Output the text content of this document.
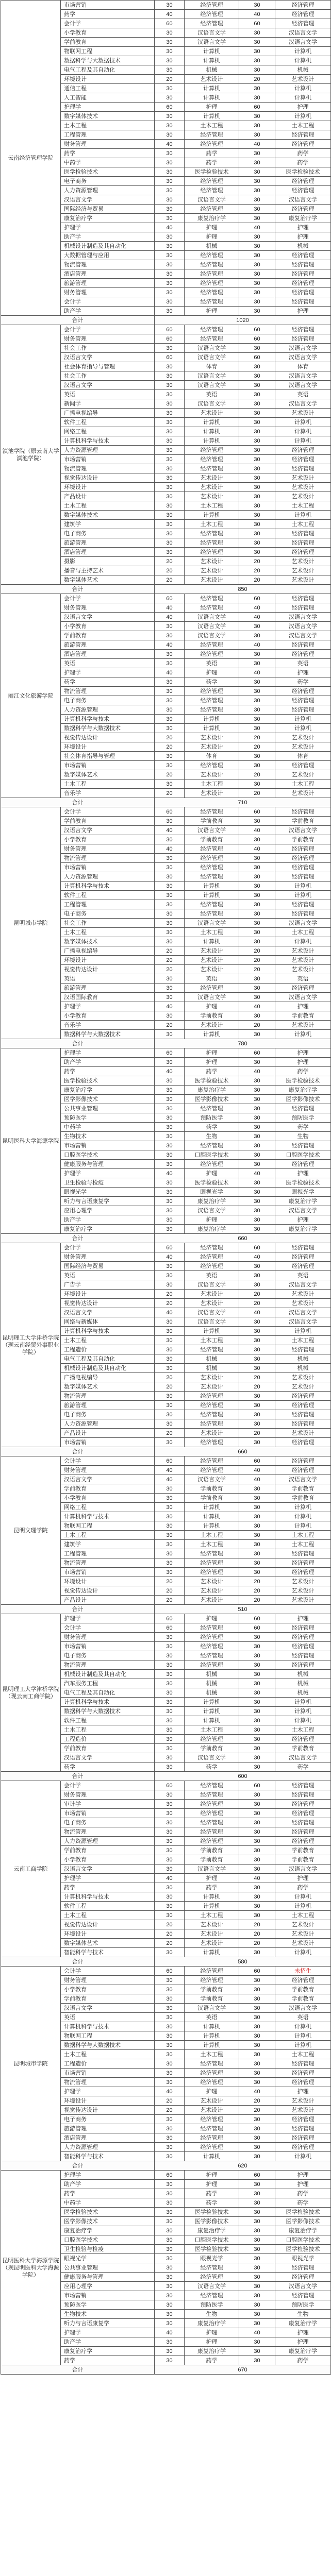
云南经济管理学院	市场营销	30	经济管理	30	经济管理
	药学	40	经济管理	40	经济管理
	会计学	60	经济管理	60	经济管理
	小学教育	30	汉语言文学	30	汉语言文学
	学前教育	30	汉语言文学	30	汉语言文学
	物联网工程	30	计算机	30	计算机
	数据科学与大数据技术	30	计算机	30	计算机
	电气工程及其自动化	30	机械	30	机械
	环境设计	20	艺术设计	20	艺术设计
	通信工程	30	计算机	30	计算机
	人工智能	30	计算机	30	计算机
	护理学	60	护理	60	护理
	数字媒体技术	30	计算机	30	计算机
	土木工程	30	土木工程	30	土木工程
	工程管理	30	经济管理	30	经济管理
	财务管理	40	经济管理	40	经济管理
	药学	30	药学	30	药学
	中药学	30	药学	30	药学
	医学检验技术	30	医学检验技术	30	医学检验技术
	电子商务	30	经济管理	30	经济管理
	人力资源管理	30	经济管理	30	经济管理
	汉语言文学	30	汉语言文学	30	汉语言文学
	国际经济与贸易	30	经济管理	30	经济管理
	康复治疗学	30	康复治疗学	30	康复治疗学
	护理学	40	护理	40	护理
	助产学	30	护理	30	护理
	机械设计制造及其自动化	30	机械	30	机械
	大数据管理与应用	30	经济管理	30	经济管理
	物流管理	30	经济管理	30	经济管理
	酒店管理	30	经济管理	30	经济管理
	旅游管理	30	经济管理	30	经济管理
	财务管理	30	经济管理	30	经济管理
	会计学	30	经济管理	30	经济管理
	助产学	30	护理	30	护理
合计		1020			
滇池学院（原云南大学滇池学院）	会计学	60	经济管理	60	经济管理
	财务管理	60	经济管理	60	经济管理
	社会工作	30	汉语言文学	30	汉语言文学
	汉语言文学	60	汉语言文学	60	汉语言文学
	社会体育指导与管理	30	体育	30	体育
	社会工作	30	汉语言文学	30	汉语言文学
	汉语言文学	30	汉语言文学	30	汉语言文学
	英语	30	英语	30	英语
	新闻学	30	汉语言文学	30	汉语言文学
	广播电视编导	30	艺术设计	30	艺术设计
	软件工程	30	计算机	30	计算机
	网络工程	30	计算机	30	计算机
	计算机科学与技术	30	计算机	30	计算机
	人力资源管理	30	经济管理	30	经济管理
	市场营销	30	经济管理	30	经济管理
	物流管理	30	经济管理	30	经济管理
	视觉传达设计	30	艺术设计	30	艺术设计
	环境设计	30	艺术设计	30	艺术设计
	产品设计	30	艺术设计	30	艺术设计
	土木工程	30	土木工程	30	土木工程
	数字媒体技术	30	计算机	30	计算机
	建筑学	30	土木工程	30	土木工程
	电子商务	30	经济管理	30	经济管理
	旅游管理	30	经济管理	30	经济管理
	酒店管理	30	经济管理	30	经济管理
	摄影	20	艺术设计	20	艺术设计
	播音与主持艺术	20	艺术设计	20	艺术设计
	数字媒体艺术	20	艺术设计	20	艺术设计
合计		850			
丽江文化旅游学院	会计学	60	经济管理	60	经济管理
	财务管理	40	经济管理	40	经济管理
	汉语言文学	40	汉语言文学	40	汉语言文学
	小学教育	30	汉语言文学	30	汉语言文学
	学前教育	30	汉语言文学	30	汉语言文学
	旅游管理	40	经济管理	40	经济管理
	酒店管理	30	经济管理	30	经济管理
	英语	30	英语	30	英语
	护理学	40	护理	40	护理
	药学	30	药学	30	药学
	物流管理	30	经济管理	30	经济管理
	电子商务	30	经济管理	30	经济管理
	人力资源管理	30	经济管理	30	经济管理
	计算机科学与技术	30	计算机	30	计算机
	数据科学与大数据技术	30	计算机	30	计算机
	视觉传达设计	20	艺术设计	20	艺术设计
	环境设计	20	艺术设计	20	艺术设计
	社会体育指导与管理	30	体育	30	体育
	市场营销	30	经济管理	30	经济管理
	数字媒体艺术	20	艺术设计	20	艺术设计
	土木工程	30	土木工程	30	土木工程
	音乐学	20	艺术设计	20	艺术设计
合计		710			
昆明城市学院	会计学	60	经济管理	60	经济管理
	学前教育	30	学前教育	30	学前教育
	汉语言文学	40	汉语言文学	40	汉语言文学
	小学教育	30	学前教育	30	学前教育
	财务管理	40	经济管理	40	经济管理
	物流管理	30	经济管理	30	经济管理
	市场营销	30	经济管理	30	经济管理
	人力资源管理	30	经济管理	30	经济管理
	计算机科学与技术	30	计算机	30	计算机
	软件工程	30	计算机	30	计算机
	工程管理	30	经济管理	30	经济管理
	电子商务	30	经济管理	30	经济管理
	社会工作	30	汉语言文学	30	汉语言文学
	土木工程	30	土木工程	30	土木工程
	数字媒体技术	30	计算机	30	计算机
	广播电视编导	20	艺术设计	20	艺术设计
	环境设计	20	艺术设计	20	艺术设计
	视觉传达设计	20	艺术设计	20	艺术设计
	英语	30	英语	30	英语
	旅游管理	30	经济管理	30	经济管理
	汉语国际教育	30	汉语言文学	30	汉语言文学
	护理学	40	护理	40	护理
	小学教育	30	学前教育	30	学前教育
	音乐学	20	艺术设计	20	艺术设计
	数据科学与大数据技术	30	计算机	30	计算机
合计		780			
昆明医科大学海源学院	护理学	60	护理	60	护理
	助产学	30	护理	30	护理
	药学	40	药学	40	药学
	医学检验技术	30	医学检验技术	30	医学检验技术
	康复治疗学	30	康复治疗学	30	康复治疗学
	医学影像技术	30	医学影像技术	30	医学影像技术
	公共事业管理	30	经济管理	30	经济管理
	预防医学	30	预防医学	30	预防医学
	中药学	30	药学	30	药学
	生物技术	30	生物	30	生物
	市场营销	30	经济管理	30	经济管理
	口腔医学技术	30	口腔医学技术	30	口腔医学技术
	健康服务与管理	30	经济管理	30	经济管理
	护理学	40	护理	40	护理
	卫生检验与检疫	30	医学检验技术	30	医学检验技术
	眼视光学	30	眼视光学	30	眼视光学
	听力与言语康复学	30	康复治疗学	30	康复治疗学
	应用心理学	30	汉语言文学	30	汉语言文学
	助产学	30	护理	30	护理
	康复治疗学	30	康复治疗学	30	康复治疗学
合计		660			
昆明理工大学津桥学院（现云南经贸外事职业学院）	会计学	60	经济管理	60	经济管理
	财务管理	40	经济管理	40	经济管理
	国际经济与贸易	30	经济管理	30	经济管理
	英语	30	英语	30	英语
	广告学	30	汉语言文学	30	汉语言文学
	环境设计	20	艺术设计	20	艺术设计
	视觉传达设计	20	艺术设计	20	艺术设计
	汉语言文学	40	汉语言文学	40	汉语言文学
	网络与新媒体	30	汉语言文学	30	汉语言文学
	计算机科学与技术	30	计算机	30	计算机
	土木工程	30	土木工程	30	土木工程
	工程造价	30	经济管理	30	经济管理
	电气工程及其自动化	30	机械	30	机械
	机械设计制造及其自动化	30	机械	30	机械
	广播电视编导	20	艺术设计	20	艺术设计
	数字媒体艺术	20	艺术设计	20	艺术设计
	物流管理	30	经济管理	30	经济管理
	旅游管理	30	经济管理	30	经济管理
	电子商务	30	经济管理	30	经济管理
	人力资源管理	30	经济管理	30	经济管理
	产品设计	20	艺术设计	20	艺术设计
	市场营销	30	经济管理	30	经济管理
合计		660			
昆明文理学院	会计学	60	经济管理	60	经济管理
	财务管理	40	经济管理	40	经济管理
	汉语言文学	40	汉语言文学	40	汉语言文学
	学前教育	30	学前教育	30	学前教育
	小学教育	30	学前教育	30	学前教育
	网络工程	30	计算机	30	计算机
	计算机科学与技术	30	计算机	30	计算机
	物联网工程	30	计算机	30	计算机
	土木工程	30	土木工程	30	土木工程
	建筑学	30	土木工程	30	土木工程
	工程管理	30	经济管理	30	经济管理
	物流管理	30	经济管理	30	经济管理
	市场营销	30	经济管理	30	经济管理
	环境设计	20	艺术设计	20	艺术设计
	视觉传达设计	20	艺术设计	20	艺术设计
	产品设计	20	艺术设计	20	艺术设计
合计		510			
昆明理工大学津桥学院（现云南工商学院）	护理学	60	护理	60	护理
	会计学	60	经济管理	60	经济管理
	财务管理	30	经济管理	30	经济管理
	市场营销	30	经济管理	30	经济管理
	电子商务	30	经济管理	30	经济管理
	物流管理	30	经济管理	30	经济管理
	机械设计制造及其自动化	30	机械	30	机械
	汽车服务工程	30	机械	30	机械
	电气工程及其自动化	30	机械	30	机械
	计算机科学与技术	30	计算机	30	计算机
	数据科学与大数据技术	30	计算机	30	计算机
	软件工程	30	计算机	30	计算机
	土木工程	30	土木工程	30	土木工程
	工程造价	30	经济管理	30	经济管理
	学前教育	30	学前教育	30	学前教育
	汉语言文学	30	汉语言文学	30	汉语言文学
	药学	30	药学	30	药学
合计		600			
云南工商学院	会计学	60	经济管理	60	经济管理
	财务管理	30	经济管理	30	经济管理
	审计学	30	经济管理	30	经济管理
	市场营销	30	经济管理	30	经济管理
	电子商务	30	经济管理	30	经济管理
	物流管理	30	经济管理	30	经济管理
	人力资源管理	30	经济管理	30	经济管理
	学前教育	30	学前教育	30	学前教育
	小学教育	30	学前教育	30	学前教育
	汉语言文学	30	汉语言文学	30	汉语言文学
	护理学	40	护理	40	护理
	药学	30	药学	30	药学
	计算机科学与技术	30	计算机	30	计算机
	软件工程	30	计算机	30	计算机
	土木工程	30	土木工程	30	土木工程
	视觉传达设计	20	艺术设计	20	艺术设计
	环境设计	20	艺术设计	20	艺术设计
	数字媒体艺术	20	艺术设计	20	艺术设计
	智能科学与技术	30	计算机	30	计算机
合计		580			
昆明城市学院	会计学	60	经济管理	60	未招生
	财务管理	30	经济管理	30	经济管理
	小学教育	30	学前教育	30	学前教育
	学前教育	30	学前教育	30	学前教育
	汉语言文学	30	汉语言文学	30	汉语言文学
	英语	30	英语	30	英语
	计算机科学与技术	30	计算机	30	计算机
	物联网工程	30	计算机	30	计算机
	数据科学与大数据技术	30	计算机	30	计算机
	土木工程	30	土木工程	30	土木工程
	工程造价	30	经济管理	30	经济管理
	市场营销	30	经济管理	30	经济管理
	物流管理	30	经济管理	30	经济管理
	护理学	40	护理	40	护理
	环境设计	20	艺术设计	20	艺术设计
	视觉传达设计	20	艺术设计	20	艺术设计
	电子商务	30	经济管理	30	经济管理
	旅游管理	30	经济管理	30	经济管理
	酒店管理	30	经济管理	30	经济管理
	人力资源管理	30	经济管理	30	经济管理
	智能科学与技术	30	计算机	30	计算机
合计		620			
昆明医科大学海源学院（现昆明医科大学海源学院）	护理学	60	护理	60	护理
	助产学	30	护理	30	护理
	药学	30	药学	30	药学
	中药学	30	药学	30	药学
	医学检验技术	30	医学检验技术	30	医学检验技术
	医学影像技术	30	医学影像技术	30	医学影像技术
	康复治疗学	30	康复治疗学	30	康复治疗学
	口腔医学技术	30	口腔医学技术	30	口腔医学技术
	卫生检验与检疫	30	医学检验技术	30	医学检验技术
	眼视光学	30	眼视光学	30	眼视光学
	公共事业管理	30	经济管理	30	经济管理
	健康服务与管理	30	经济管理	30	经济管理
	应用心理学	30	汉语言文学	30	汉语言文学
	市场营销	30	经济管理	30	经济管理
	预防医学	30	预防医学	30	预防医学
	生物技术	30	生物	30	生物
	听力与言语康复学	30	康复治疗学	30	康复治疗学
	护理学	40	护理	40	护理
	助产学	30	护理	30	护理
	康复治疗学	30	康复治疗学	30	康复治疗学
	药学	30	药学	30	药学
合计		670			
